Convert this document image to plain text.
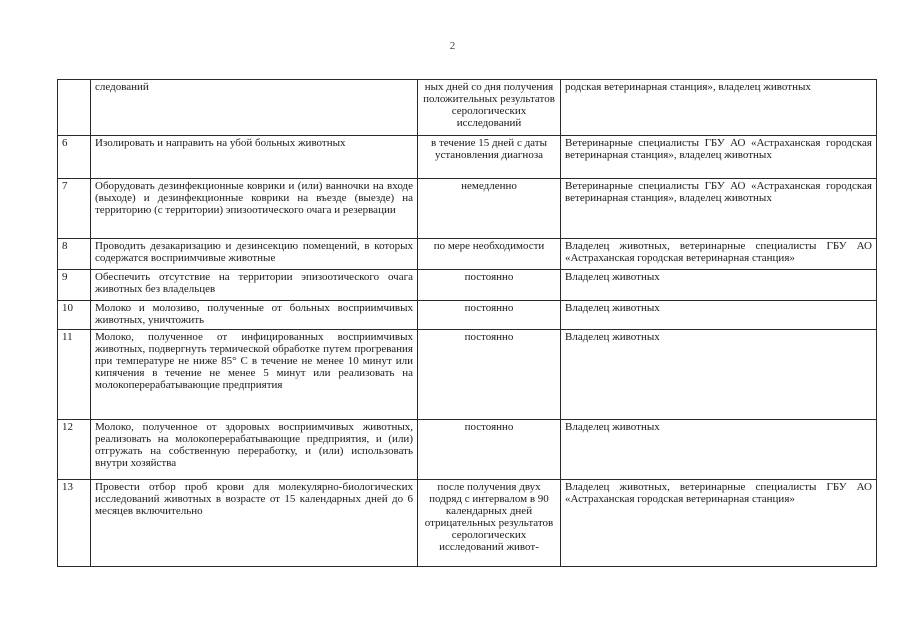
2
	следований	ных дней со дня получения положительных результатов серологических исследований	родская ветеринарная станция», владелец животных
6	Изолировать и направить на убой больных животных	в течение 15 дней с даты установления диагноза	Ветеринарные специалисты ГБУ АО «Астраханская городская ветеринарная станция», владелец животных
7	Оборудовать дезинфекционные коврики и (или) ванночки на входе (выходе) и дезинфекционные коврики на въезде (выезде) на территорию (с территории) эпизоотического очага и резервации	немедленно	Ветеринарные специалисты ГБУ АО «Астраханская городская ветеринарная станция», владелец животных
8	Проводить дезакаризацию и дезинсекцию помещений, в которых содержатся восприимчивые животные	по мере необходимости	Владелец животных, ветеринарные специалисты ГБУ АО «Астраханская городская ветеринарная станция»
9	Обеспечить отсутствие на территории эпизоотического очага животных без владельцев	постоянно	Владелец животных
10	Молоко и молозиво, полученные от больных восприимчивых животных, уничтожить	постоянно	Владелец животных
11	Молоко, полученное от инфицированных восприимчивых животных, подвергнуть термической обработке путем прогревания при температуре не ниже 85° С в течение не менее 10 минут или кипячения в течение не менее 5 минут или реализовать на молокоперерабатывающие предприятия	постоянно	Владелец животных
12	Молоко, полученное от здоровых восприимчивых животных, реализовать на молокоперерабатывающие предприятия, и (или) отгружать на собственную переработку, и (или) использовать внутри хозяйства	постоянно	Владелец животных
13	Провести отбор проб крови для молекулярно-биологических исследований животных в возрасте от 15 календарных дней до 6 месяцев включительно	после получения двух подряд с интервалом в 90 календарных дней отрицательных результатов серологических исследований живот-	Владелец животных, ветеринарные специалисты ГБУ АО «Астраханская городская ветеринарная станция»
